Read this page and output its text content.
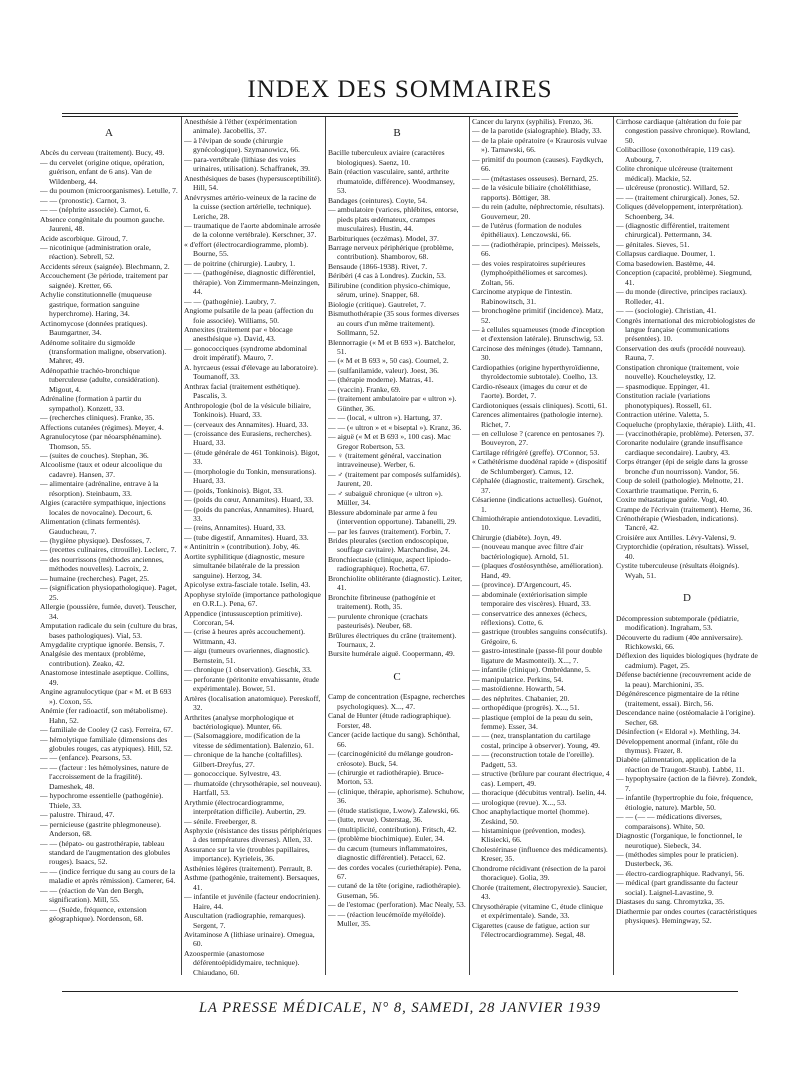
INDEX DES SOMMAIRES
A

Abcès du cerveau (traitement). Bucy, 49.

— du cervelet (origine otique, opération, guérison, enfant de 6 ans). Van de Wildenberg, 44.

— du poumon (microorganismes). Letulle, 7.

— — (pronostic). Carnot, 3.

— — (néphrite associée). Carnot, 6.

Absence congénitale du poumon gauche. Jaureni, 48.

Acide ascorbique. Giroud, 7.

— nicotinique (administration orale, réaction). Sebrell, 52.

Accidents séreux (saignée). Blechmann, 2.

Accouchement (3e période, traitement par saignée). Kretter, 66.

Achylie constitutionnelle (muqueuse gastrique, formation sanguine hyperchrome). Haring, 34.

Actinomycose (données pratiques). Baumgartner, 34.

Adénome solitaire du sigmoïde (transformation maligne, observation). Mahrer, 49.

Adénopathie trachéo-bronchique tuberculeuse (adulte, considération). Migout, 4.

Adrénaline (formation à partir du sympathol). Konzett, 33.

— (recherches cliniques). Franke, 35.

Affections cutanées (régimes). Meyer, 4.

Agranulocytose (par néoarsphénamine). Thomson, 55.

— (suites de couches). Stephan, 36.

Alcoolisme (taux et odeur alcoolique du cadavre). Hansen, 37.

— alimentaire (adrénaline, entrave à la résorption). Steinbaum, 33.

Algies (caractère sympathique, injections locales de novocaïne). Decourt, 6.

Alimentation (clinats fermentés). Gauducheau, 7.

— (hygiène physique). Desfosses, 7.

— (recettes culinaires, citrouille). Leclerc, 7.

— des nourrissons (méthodes anciennes, méthodes nouvelles). Lacroix, 2.

— humaine (recherches). Paget, 25.

— (signification physiopathologique). Paget, 25.

Allergie (poussière, fumée, duvet). Teuscher, 34.

Amputation radicale du sein (culture du bras, bases pathologiques). Vial, 53.

Amygdalite cryptique ignorée. Bensis, 7.

Analgésie des mentaux (problème, contribution). Zeako, 42.

Anastomose intestinale aseptique. Collins, 49.

Angine agranulocytique (par « M. et B 693 »). Coxon, 55.

Anémie (fer radioactif, son métabolisme). Hahn, 52.

— familiale de Cooley (2 cas). Ferreira, 67.

— hémolytique familiale (dimensions des globules rouges, cas atypiques). Hill, 52.

— — (enfance). Pearsons, 53.

— — (facteur : les hémolysines, nature de l'accroissement de la fragilité). Dameshek, 48.

— hypochrome essentielle (pathogénie). Thiele, 33.

— palustre. Thiraud, 47.

— pernicieuse (gastrite phlegmoneuse). Anderson, 68.

— — (hépato- ou gastrothérapie, tableau standard de l'augmentation des globules rouges). Isaacs, 52.

— — (indice ferrique du sang au cours de la maladie et après rémission). Camerer, 64.

— — (réaction de Van den Bergh, signification). Mill, 55.

— — (Suède, fréquence, extension géographique). Nordenson, 68.

Anesthésie à l'éther (expérimentation animale). Jacobellis, 37.

— à l'évipan de soude (chirurgie gynécologique). Szymanowicz, 66.

— para-vertébrale (lithiase des voies urinaires, utilisation). Schaffranek, 39.

Anesthésiques de bases (hypersusceptibilité). Hill, 54.

Anévrysmes artério-veineux de la racine de la cuisse (section artérielle, technique). Leriche, 28.

— traumatique de l'aorte abdominale arrosée de la colonne vertébrale). Kerschner, 37.

« d'effort (électrocardiogramme, plomb). Bourne, 55.

— de poitrine (chirurgie). Laubry, 1.

— — (pathogénèse, diagnostic différentiel, thérapie). Von Zimmermann-Meinzingen, 44.

— — (pathogénie). Laubry, 7.

Angiome pulsatile de la peau (affection du foie associée). Williams, 50.

Annexites (traitement par « blocage anesthésique »). David, 43.

— gonococciques (syndrome abdominal droit impératif). Mauro, 7.

A. hyrcaeus (essai d'élevage au laboratoire). Toumanoff, 33.

Anthrax facial (traitement esthétique). Pascalis, 3.

Anthropologie (bol de la vésicule biliaire, Tonkinois). Huard, 33.

— (cerveaux des Annamites). Huard, 33.

— (croissance des Eurasiens, recherches). Huard, 33.

— (étude générale de 461 Tonkinois). Bigot, 33.

— (morphologie du Tonkin, mensurations). Huard, 33.

— (poids, Tonkinois). Bigot, 33.

— (poids du cœur, Annamites). Huard, 33.

— (poids du pancréas, Annamites). Huard, 33.

— (reins, Annamites). Huard, 33.

— (tube digestif, Annamites). Huard, 33.

« Antinitrin » (contribution). Joby, 46.

Aortite syphilitique (diagnostic, mesure simultanée bilatérale de la pression sanguine). Herzog, 34.

Apicolyse extra-fasciale totale. Iselin, 43.

Apophyse styloïde (importance pathologique en O.R.L.). Pena, 67.

Appendice (intussusception primitive). Corcoran, 54.

— (crise à heures après accouchement). Wittmann, 43.

— aigu (tumeurs ovariennes, diagnostic). Bernstein, 51.

— chronique (1 observation). Geschk, 33.

— perforante (péritonite envahissante, étude expérimentale). Bower, 51.

Artères (localisation anatomique). Pereskoff, 32.

Arthrites (analyse morphologique et bactériologique). Munter, 66.

— (Salsomaggiore, modification de la vitesse de sédimentation). Balenzio, 61.

— chronique de la hanche (coltafilles). Gilbert-Dreyfus, 27.

— gonococcique. Sylvestre, 43.

— rhumatoïde (chrysothérapie, sel nouveau). Hartfall, 53.

Arythmie (électrocardiogramme, interprétation difficile). Aubertin, 29.

— sénile. Freeberger, 8.

Asphyxie (résistance des tissus périphériques à des températures diverses). Allen, 33.

Assurance sur la vie (troubles papillaires, importance). Kyrieleis, 36.

Asthénies légères (traitement). Perrault, 8.

Asthme (pathogénie, traitement). Bersaques, 41.

— infantile et juvénile (facteur endocrinien). Haire, 44.

Auscultation (radiographie, remarques). Sergent, 7.

Avitaminose A (lithiase urinaire). Omegua, 60.

Azoospermie (anastomose déférentoépididymaire, technique). Chiaudano, 60.

B

Bacille tuberculeux aviaire (caractères biologiques). Saenz, 10.

Bain (réaction vasculaire, santé, arthrite rhumatoïde, différence). Woodmansey, 53.

Bandages (ceintures). Coyte, 54.

— ambulatoire (varices, phlébites, entorse, pieds plats œdémateux, crampes musculaires). Hustin, 44.

Barbituriques (eczémas). Model, 37.

Barrage nerveux périphérique (problème, contribution). Shamborov, 68.

Bensaude (1866-1938). Rivet, 7.

Béribéri (4 cas à Londres). Zuckin, 53.

Bilirubine (condition physico-chimique, sérum, urine). Snapper, 68.

Biologie (critique). Gautrelet, 7.

Bismuthothérapie (35 sous formes diverses au cours d'un même traitement). Sollmann, 52.

Blennorragie (« M et B 693 »). Batchelor, 51.

— (« M et B 693 », 50 cas). Coumel, 2.

— (sulfanilamide, valeur). Joest, 36.

— (thérapie moderne). Matras, 41.

— (vaccin). Franke, 69.

— (traitement ambulatoire par « ultron »). Günther, 36.

— — (local, « ultron »). Hartung, 37.

— — (« ultron » et « biseptal »). Kranz, 36.

— aiguë (« M et B 693 », 100 cas). Mac Gregor Robertson, 53.

— ♀ (traitement général, vaccination intraveineuse). Werber, 6.

— ♂ (traitement par composés sulfamidés). Jaurent, 20.

— ♂ subaiguë chronique (« ultron »). Müller, 34.

Blessure abdominale par arme à feu (intervention opportune). Tabanelli, 29.

— par les fauves (traitement). Forbin, 7.

Brides pleurales (section endoscopique, souffage cavitaire). Marchandise, 24.

Bronchiectasie (clinique, aspect lipiodo-radiographique). Rochetta, 67.

Bronchiolite oblitérante (diagnostic). Leiter, 41.

Bronchite fibrineuse (pathogénie et traitement). Roth, 35.

— purulente chronique (crachats pasteurisés). Neuber, 68.

Brûlures électriques du crâne (traitement). Tournaux, 2.

Bursite humérale aiguë. Coopermann, 49.

C

Camp de concentration (Espagne, recherches psychologiques). X..., 47.

Canal de Hunter (étude radiographique). Forster, 48.

Cancer (acide lactique du sang). Schönthal, 66.

— (carcinogénicité du mélange goudron-créosote). Buck, 54.

— (chirurgie et radiothérapie). Bruce-Morton, 53.

— (clinique, thérapie, aphorisme). Schuhow, 36.

— (étude statistique, Lwow). Zalewski, 66.

— (lutte, revue). Osterstag, 36.

— (multiplicité, contribution). Fritsch, 42.

— (problème biochimique). Euler, 34.

— du cæcum (tumeurs inflammatoires, diagnostic différentiel). Petacci, 62.

— des cordes vocales (curiethérapie). Pena, 67.

— cutané de la tête (origine, radiothérapie). Guseman, 56.

— de l'estomac (perforation). Mac Nealy, 53.

— — (réaction leucémoïde myéloïde). Muller, 35.

Cancer du larynx (syphilis). Frenzo, 36.

— de la parotide (sialographie). Blady, 33.

— de la plaie opératoire (« Kraurosis vulvae »). Tarnawski, 66.

— primitif du poumon (causes). Faydkych, 66.

— — (métastases osseuses). Bernard, 25.

— de la vésicule biliaire (cholélithiase, rapports). Böttiger, 38.

— du rein (adulte, néphrectomie, résultats). Gouverneur, 20.

— de l'utérus (formation de nodules épithéliaux). Lenczowski, 66.

— — (radiothérapie, principes). Meissels, 66.

— des voies respiratoires supérieures (lymphoépithéliomes et sarcomes). Zoltan, 56.

Carcinome atypique de l'intestin. Rabinowitsch, 31.

— bronchogène primitif (incidence). Matz, 52.

— à cellules squameuses (mode d'inception et d'extension latérale). Brunschwig, 53.

Carcinose des méninges (étude). Tamnann, 30.

Cardiopathies (origine hyperthyroïdienne, thyroïdectomie subtotale). Coelho, 13.

Cardio-réseaux (images du cœur et de l'aorte). Bordet, 7.

Cardiotoniques (essais cliniques). Scotti, 61.

Carences alimentaires (pathologie interne). Richet, 7.

— en cellulose ? (carence en pentosanes ?). Bouveyron, 27.

Cartilage réfrigéré (greffe). O'Connor, 53.

« Cathétérisme duodénal rapide » (dispositif de Schlumberger). Camus, 12.

Céphalée (diagnostic, traitement). Grschek, 37.

Césarienne (indications actuelles). Guénot, 1.

Chimiothérapie antiendotoxique. Levaditi, 10.

Chirurgie (diabète). Joyn, 49.

— (nouveau manque avec filtre d'air bactériologique). Arnold, 51.

— (plaques d'ostéosynthèse, amélioration). Hand, 49.

— (province). D'Argencourt, 45.

— abdominale (extériorisation simple temporaire des viscères). Huard, 33.

— conservatrice des annexes (échecs, réflexions). Cotte, 6.

— gastrique (troubles sanguins consécutifs). Grégoire, 6.

— gastro-intestinale (passe-fil pour double ligature de Masmonteil). X..., 7.

— infantile (clinique). Ombrédanne, 5.

— manipulatrice. Perkins, 54.

— mastoïdienne. Howarth, 54.

— des néphrites. Chabanier, 20.

— orthopédique (progrès). X..., 51.

— plastique (emploi de la peau du sein, femme). Esser, 34.

— — (nez, transplantation du cartilage costal, principe à observer). Young, 49.

— — (reconstruction totale de l'oreille). Padgett, 53.

— structive (brûlure par courant électrique, 4 cas). Lempert, 49.

— thoracique (décubitus ventral). Iselin, 44.

— urologique (revue). X..., 53.

Choc anaphylactique mortel (homme). Zeskind, 50.

— histaminique (prévention, modes). Klisiecki, 66.

Cholestérinase (influence des médicaments). Kreser, 35.

Chondrome récidivant (résection de la paroi thoracique). Golia, 39.

Chorée (traitement, électropyrexie). Saucier, 43.

Chrysothérapie (vitamine C, étude clinique et expérimentale). Sande, 33.

Cigarettes (cause de fatigue, action sur l'électrocardiogramme). Segal, 48.

Cirrhose cardiaque (altération du foie par congestion passive chronique). Rowland, 50.

Colibacillose (oxonothérapie, 119 cas). Aubourg, 7.

Colite chronique ulcéreuse (traitement médical). Mackie, 52.

— ulcéreuse (pronostic). Willard, 52.

— — (traitement chirurgical). Jones, 52.

Coliques (développement, interprétation). Schoenberg, 34.

— (diagnostic différentiel, traitement chirurgical). Pettermann, 34.

— génitales. Sieves, 51.

Collapsus cardiaque. Doumer, 1.

Coma basedowien. Bastème, 44.

Conception (capacité, problème). Siegmund, 41.

— du monde (directive, principes raciaux). Rolleder, 41.

— — (sociologie). Christian, 41.

Congrès international des microbiologistes de langue française (communications présentées). 10.

Conservation des œufs (procédé nouveau). Rauna, 7.

Constipation chronique (traitement, voie nouvelle). Koucheleystky, 12.

— spasmodique. Eppinger, 41.

Constitution raciale (variations phonotypiques). Rossell, 61.

Contraction utérine. Valetta, 5.

Coqueluche (prophylaxie, thérapie). Liith, 41.

— (vaccinothérapie, problème). Petersen, 37.

Coronarite nodulaire (grande insuffisance cardiaque secondaire). Laubry, 43.

Corps étranger (épi de seigle dans la grosse bronche d'un nourrisson). Vandor, 56.

Coup de soleil (pathologie). Melnotte, 21.

Coxarthrie traumatique. Perrin, 6.

Coxite métastatique guérie. Vogl, 40.

Crampe de l'écrivain (traitement). Herne, 36.

Crénothérapie (Wiesbaden, indications). Tancré, 42.

Croisière aux Antilles. Lévy-Valensi, 9.

Cryptorchidie (opération, résultats). Wissel, 40.

Cystite tuberculeuse (résultats éloignés). Wyah, 51.

D

Décompression subtemporale (pédiatrie, modification). Ingraham, 53.

Découverte du radium (40e anniversaire). Richkowski, 66.

Déflexion des liquides biologiques (hydrate de cadmium). Paget, 25.

Défense bactérienne (recouvrement acide de la peau). Marchionini, 35.

Dégénérescence pigmentaire de la rétine (traitement, essai). Birch, 56.

Descendance naine (ostéomalacie à l'origine). Secher, 68.

Désinfection (« Eldoral »). Methling, 34.

Développement anormal (infant, rôle du thymus). Frazer, 8.

Diabète (alimentation, application de la réaction de Traugott-Staub). Labbé, 11.

— hypophysaire (action de la fièvre). Zondek, 7.

— infantile (hypertrophie du foie, fréquence, étiologie, nature). Marble, 50.

— — (— — médications diverses, comparaisons). White, 50.

Diagnostic (l'organique, le fonctionnel, le neurotique). Siebeck, 34.

— (méthodes simples pour le praticien). Dusterbeck, 36.

— électro-cardiographique. Radvanyi, 56.

— médical (part grandissante du facteur social). Laignel-Lavastine, 9.

Diastases du sang. Chromytzka, 35.

Diathermie par ondes courtes (caractéristiques physiques). Hemingway, 52.

LA PRESSE MÉDICALE, N° 8, SAMEDI, 28 JANVIER 1939
